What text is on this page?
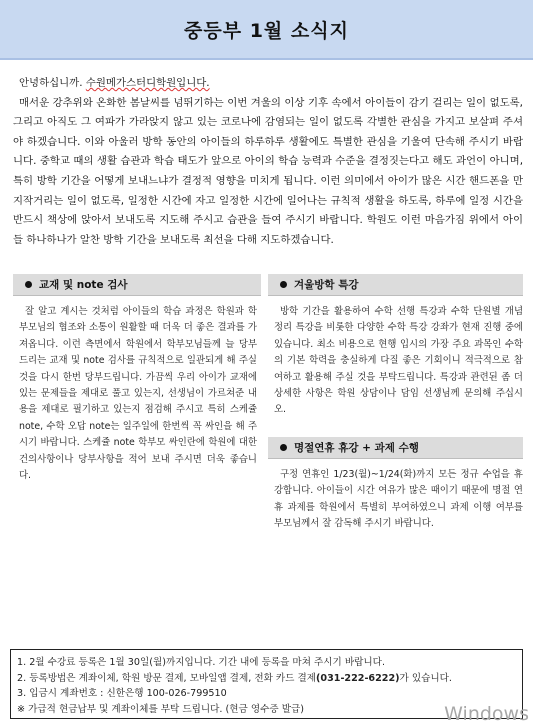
중등부 1월 소식지

안녕하십니까. 수원메가스터디학원입니다.

매서운 강추위와 온화한 봄날씨를 넘뛰기하는 이번 겨울의 이상 기후 속에서 아이들이 감기 걸리는 일이 없도록, 그리고 아직도 그 여파가 가라앉지 않고 있는 코로나에 감염되는 일이 없도록 각별한 관심을 가지고 보살펴 주셔야 하겠습니다. 이와 아울러 방학 동안의 아이들의 하루하루 생활에도 특별한 관심을 기울여 단속해 주시기 바랍니다. 중학교 때의 생활 습관과 학습 태도가 앞으로 아이의 학습 능력과 수준을 결정짓는다고 해도 과언이 아니며, 특히 방학 기간을 어떻게 보내느냐가 결정적 영향을 미치게 됩니다. 이런 의미에서 아이가 많은 시간 핸드폰을 만지작거리는 일이 없도록, 일정한 시간에 자고 일정한 시간에 일어나는 규칙적 생활을 하도록, 하루에 일정 시간을 반드시 책상에 앉아서 보내도록 지도해 주시고 습관을 들여 주시기 바랍니다. 학원도 이런 마음가짐 위에서 아이들 하나하나가 알찬 방학 기간을 보내도록 최선을 다해 지도하겠습니다.

교재 및 note 검사

잘 알고 계시는 것처럼 아이들의 학습 과정은 학원과 학부모님의 협조와 소통이 원활할 때 더욱 더 좋은 결과를 가져옵니다. 이런 측면에서 학원에서 학부모님들께 늘 당부드리는 교재 및 note 검사를 규칙적으로 일관되게 해 주실 것을 다시 한번 당부드립니다. 가끔씩 우리 아이가 교재에 있는 문제들을 제대로 풀고 있는지, 선생님이 가르쳐준 내용을 제대로 필기하고 있는지 점검해 주시고 특히 스케쥴 note, 수학 오답 note는 일주일에 한번씩 꼭 싸인을 해 주시기 바랍니다. 스케쥴 note 학부모 싸인란에 학원에 대한 건의사항이나 당부사항을 적어 보내 주시면 더욱 좋습니다.

겨울방학 특강

방학 기간을 활용하여 수학 선행 특강과 수학 단원별 개념 정리 특강을 비롯한 다양한 수학 특강 강좌가 현재 진행 중에 있습니다. 최소 비용으로 현행 입시의 가장 주요 과목인 수학의 기본 학력을 충실하게 다질 좋은 기회이니 적극적으로 참여하고 활용해 주실 것을 부탁드립니다. 특강과 관련된 좀 더 상세한 사항은 학원 상담이나 담임 선생님께 문의해 주십시오.

명절연휴 휴강 + 과제 수행

구정 연휴인 1/23(월)~1/24(화)까지 모든 정규 수업을 휴강합니다. 아이들이 시간 여유가 많은 때이기 때문에 명절 연휴 과제를 학원에서 특별히 부여하였으니 과제 이행 여부를 부모님께서 잘 감독해 주시기 바랍니다.

1. 2월 수강료 등록은 1월 30일(월)까지입니다. 기간 내에 등록을 마쳐 주시기 바랍니다.
2. 등록방법은 계좌이체, 학원 방문 결제, 모바일앱 결제, 전화 카드 결제(031-222-6222)가 있습니다.
3. 입금시 계좌번호 : 신한은행 100-026-799510
※ 가급적 현금납부 및 계좌이체를 부탁 드립니다. (현금 영수증 발급)	Windows
